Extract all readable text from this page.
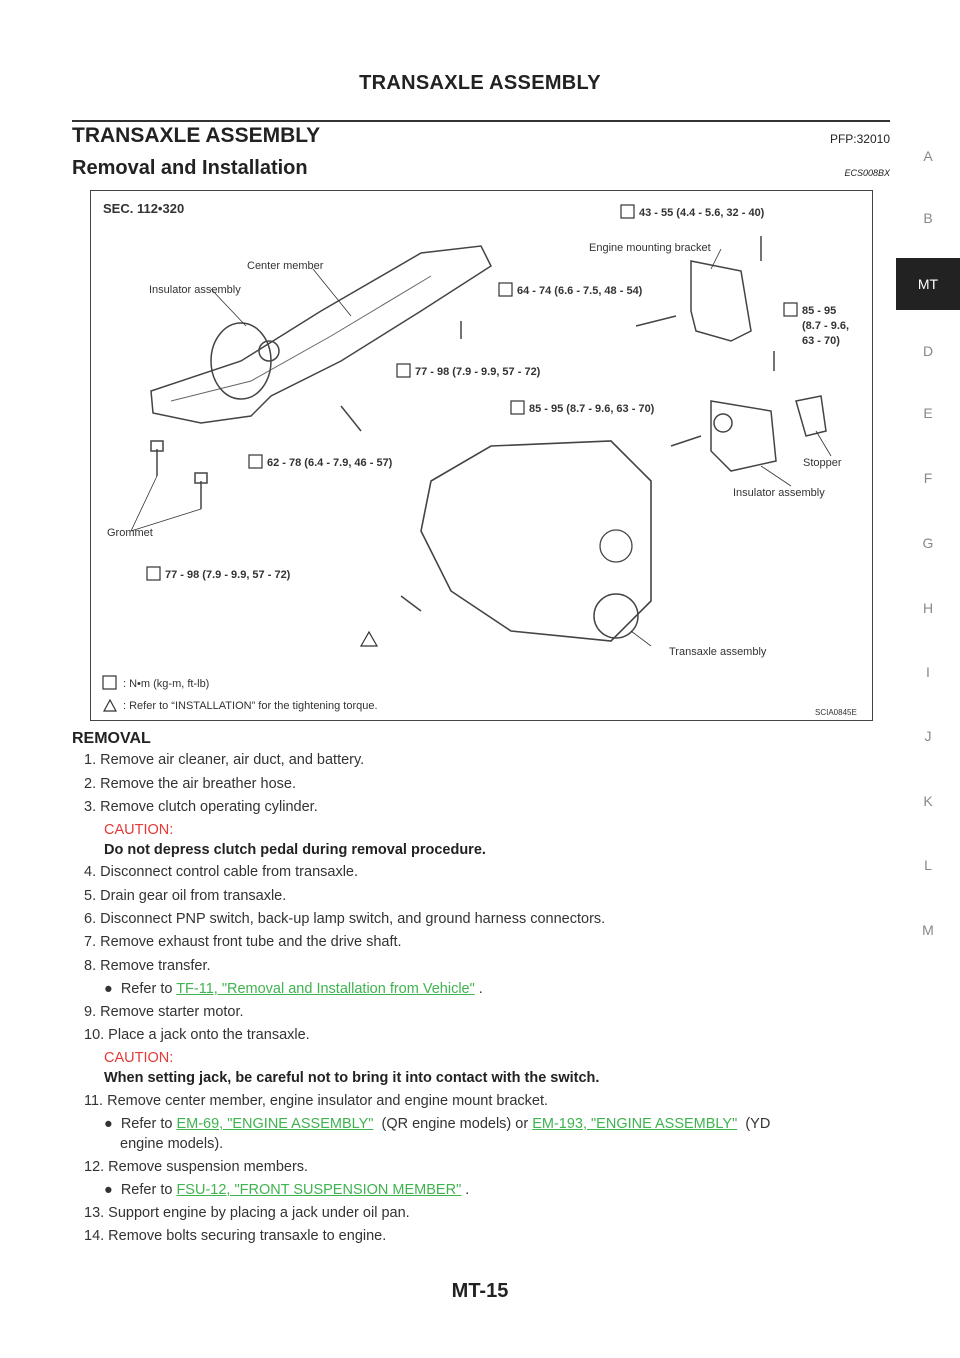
TRANSAXLE ASSEMBLY
TRANSAXLE ASSEMBLY	PFP:32010
Removal and Installation	ECS008BX
SEC. 112•320
Center member
Insulator assembly
Engine mounting bracket
Stopper
Insulator assembly
Grommet
Transaxle assembly
43 - 55 (4.4 - 5.6, 32 - 40)
64 - 74 (6.6 - 7.5, 48 - 54)
85 - 95
(8.7 - 9.6,
63 - 70)
77 - 98 (7.9 - 9.9, 57 - 72)
85 - 95 (8.7 - 9.6, 63 - 70)
62 - 78 (6.4 - 7.9, 46 - 57)
77 - 98 (7.9 - 9.9, 57 - 72)
: N•m (kg-m, ft-lb)
: Refer to “INSTALLATION” for the tightening torque.
SCIA0845E
REMOVAL
1. Remove air cleaner, air duct, and battery.
2. Remove the air breather hose.
3. Remove clutch operating cylinder.
CAUTION:
Do not depress clutch pedal during removal procedure.
4. Disconnect control cable from transaxle.
5. Drain gear oil from transaxle.
6. Disconnect PNP switch, back-up lamp switch, and ground harness connectors.
7. Remove exhaust front tube and the drive shaft.
8. Remove transfer.
●  Refer to TF-11, "Removal and Installation from Vehicle" .
9. Remove starter motor.
10. Place a jack onto the transaxle.
CAUTION:
When setting jack, be careful not to bring it into contact with the switch.
11. Remove center member, engine insulator and engine mount bracket.
●  Refer to EM-69, "ENGINE ASSEMBLY" (QR engine models) or EM-193, "ENGINE ASSEMBLY" (YD
engine models).
12. Remove suspension members.
●  Refer to FSU-12, "FRONT SUSPENSION MEMBER" .
13. Support engine by placing a jack under oil pan.
14. Remove bolts securing transaxle to engine.
A
B
MT
D
E
F
G
H
I
J
K
L
M
MT-15
